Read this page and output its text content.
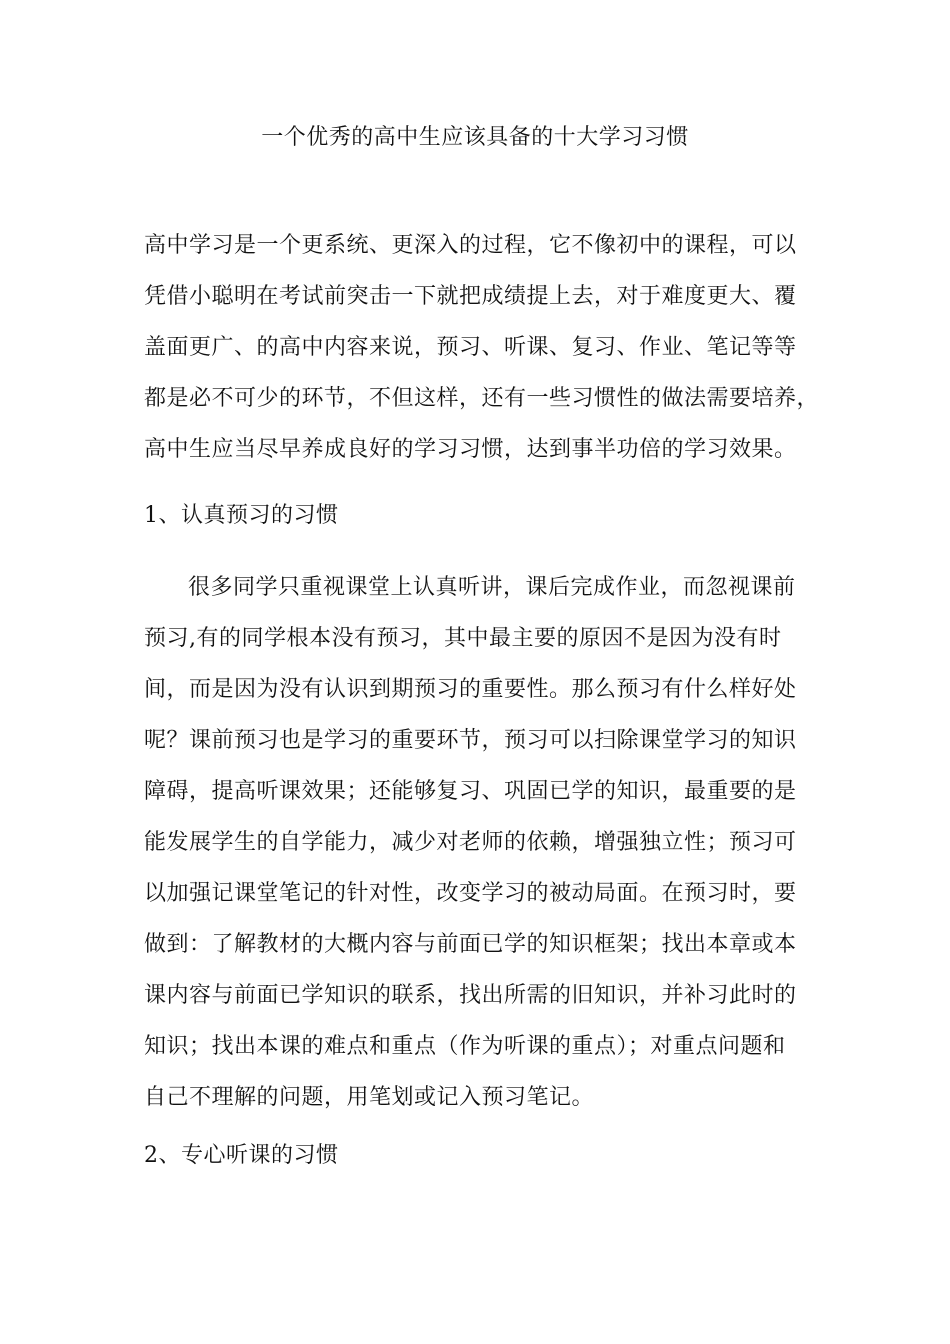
一个优秀的高中生应该具备的十大学习习惯
高中学习是一个更系统、更深入的过程，它不像初中的课程，可以
凭借小聪明在考试前突击一下就把成绩提上去，对于难度更大、覆
盖面更广、的高中内容来说，预习、听课、复习、作业、笔记等等
都是必不可少的环节，不但这样，还有一些习惯性的做法需要培养，
高中生应当尽早养成良好的学习习惯，达到事半功倍的学习效果。
1、认真预习的习惯
很多同学只重视课堂上认真听讲，课后完成作业，而忽视课前
预习,有的同学根本没有预习，其中最主要的原因不是因为没有时
间，而是因为没有认识到期预习的重要性。那么预习有什么样好处
呢？课前预习也是学习的重要环节，预习可以扫除课堂学习的知识
障碍，提高听课效果；还能够复习、巩固已学的知识，最重要的是
能发展学生的自学能力，减少对老师的依赖，增强独立性；预习可
以加强记课堂笔记的针对性，改变学习的被动局面。在预习时，要
做到：了解教材的大概内容与前面已学的知识框架；找出本章或本
课内容与前面已学知识的联系，找出所需的旧知识，并补习此时的
知识；找出本课的难点和重点（作为听课的重点）；对重点问题和
自己不理解的问题，用笔划或记入预习笔记。
2、专心听课的习惯
